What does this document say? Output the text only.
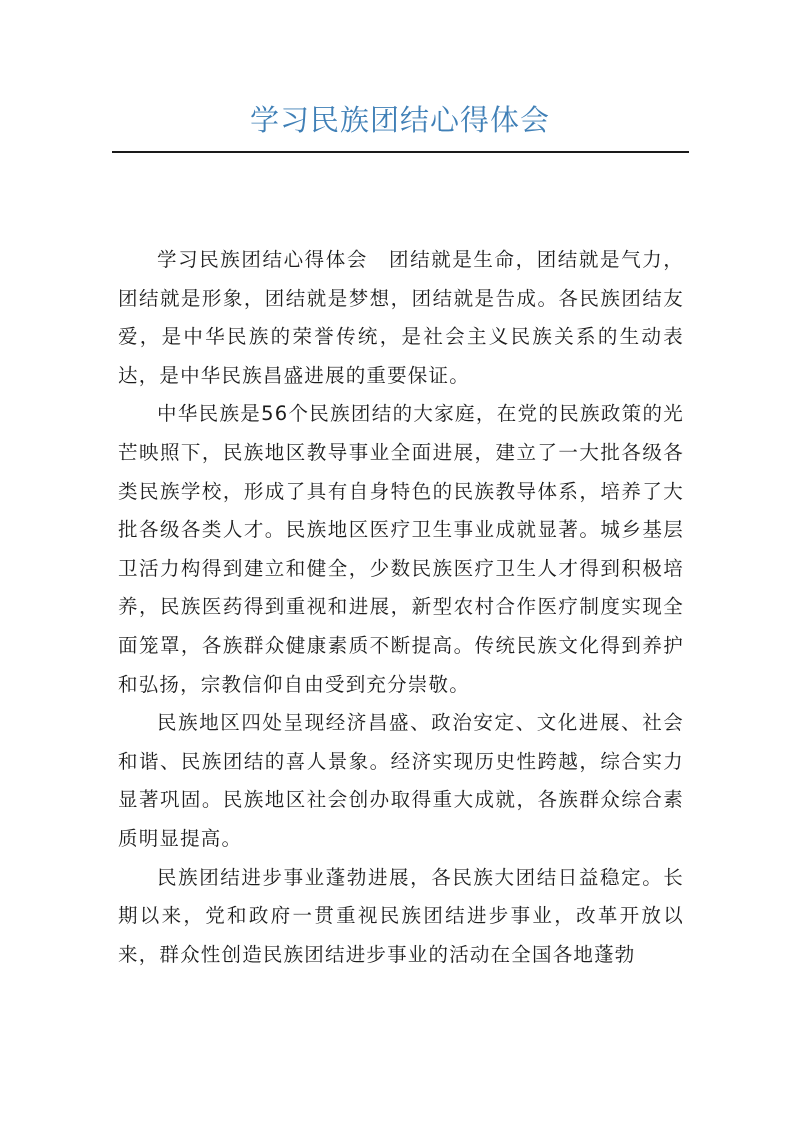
学习民族团结心得体会

学习民族团结心得体会　团结就是生命，团结就是气力，团结就是形象，团结就是梦想，团结就是告成。各民族团结友爱，是中华民族的荣誉传统，是社会主义民族关系的生动表达，是中华民族昌盛进展的重要保证。

中华民族是56个民族团结的大家庭，在党的民族政策的光芒映照下，民族地区教导事业全面进展，建立了一大批各级各类民族学校，形成了具有自身特色的民族教导体系，培养了大批各级各类人才。民族地区医疗卫生事业成就显著。城乡基层卫活力构得到建立和健全，少数民族医疗卫生人才得到积极培养，民族医药得到重视和进展，新型农村合作医疗制度实现全面笼罩，各族群众健康素质不断提高。传统民族文化得到养护和弘扬，宗教信仰自由受到充分崇敬。

民族地区四处呈现经济昌盛、政治安定、文化进展、社会和谐、民族团结的喜人景象。经济实现历史性跨越，综合实力显著巩固。民族地区社会创办取得重大成就，各族群众综合素质明显提高。

民族团结进步事业蓬勃进展，各民族大团结日益稳定。长期以来，党和政府一贯重视民族团结进步事业，改革开放以来，群众性创造民族团结进步事业的活动在全国各地蓬勃
